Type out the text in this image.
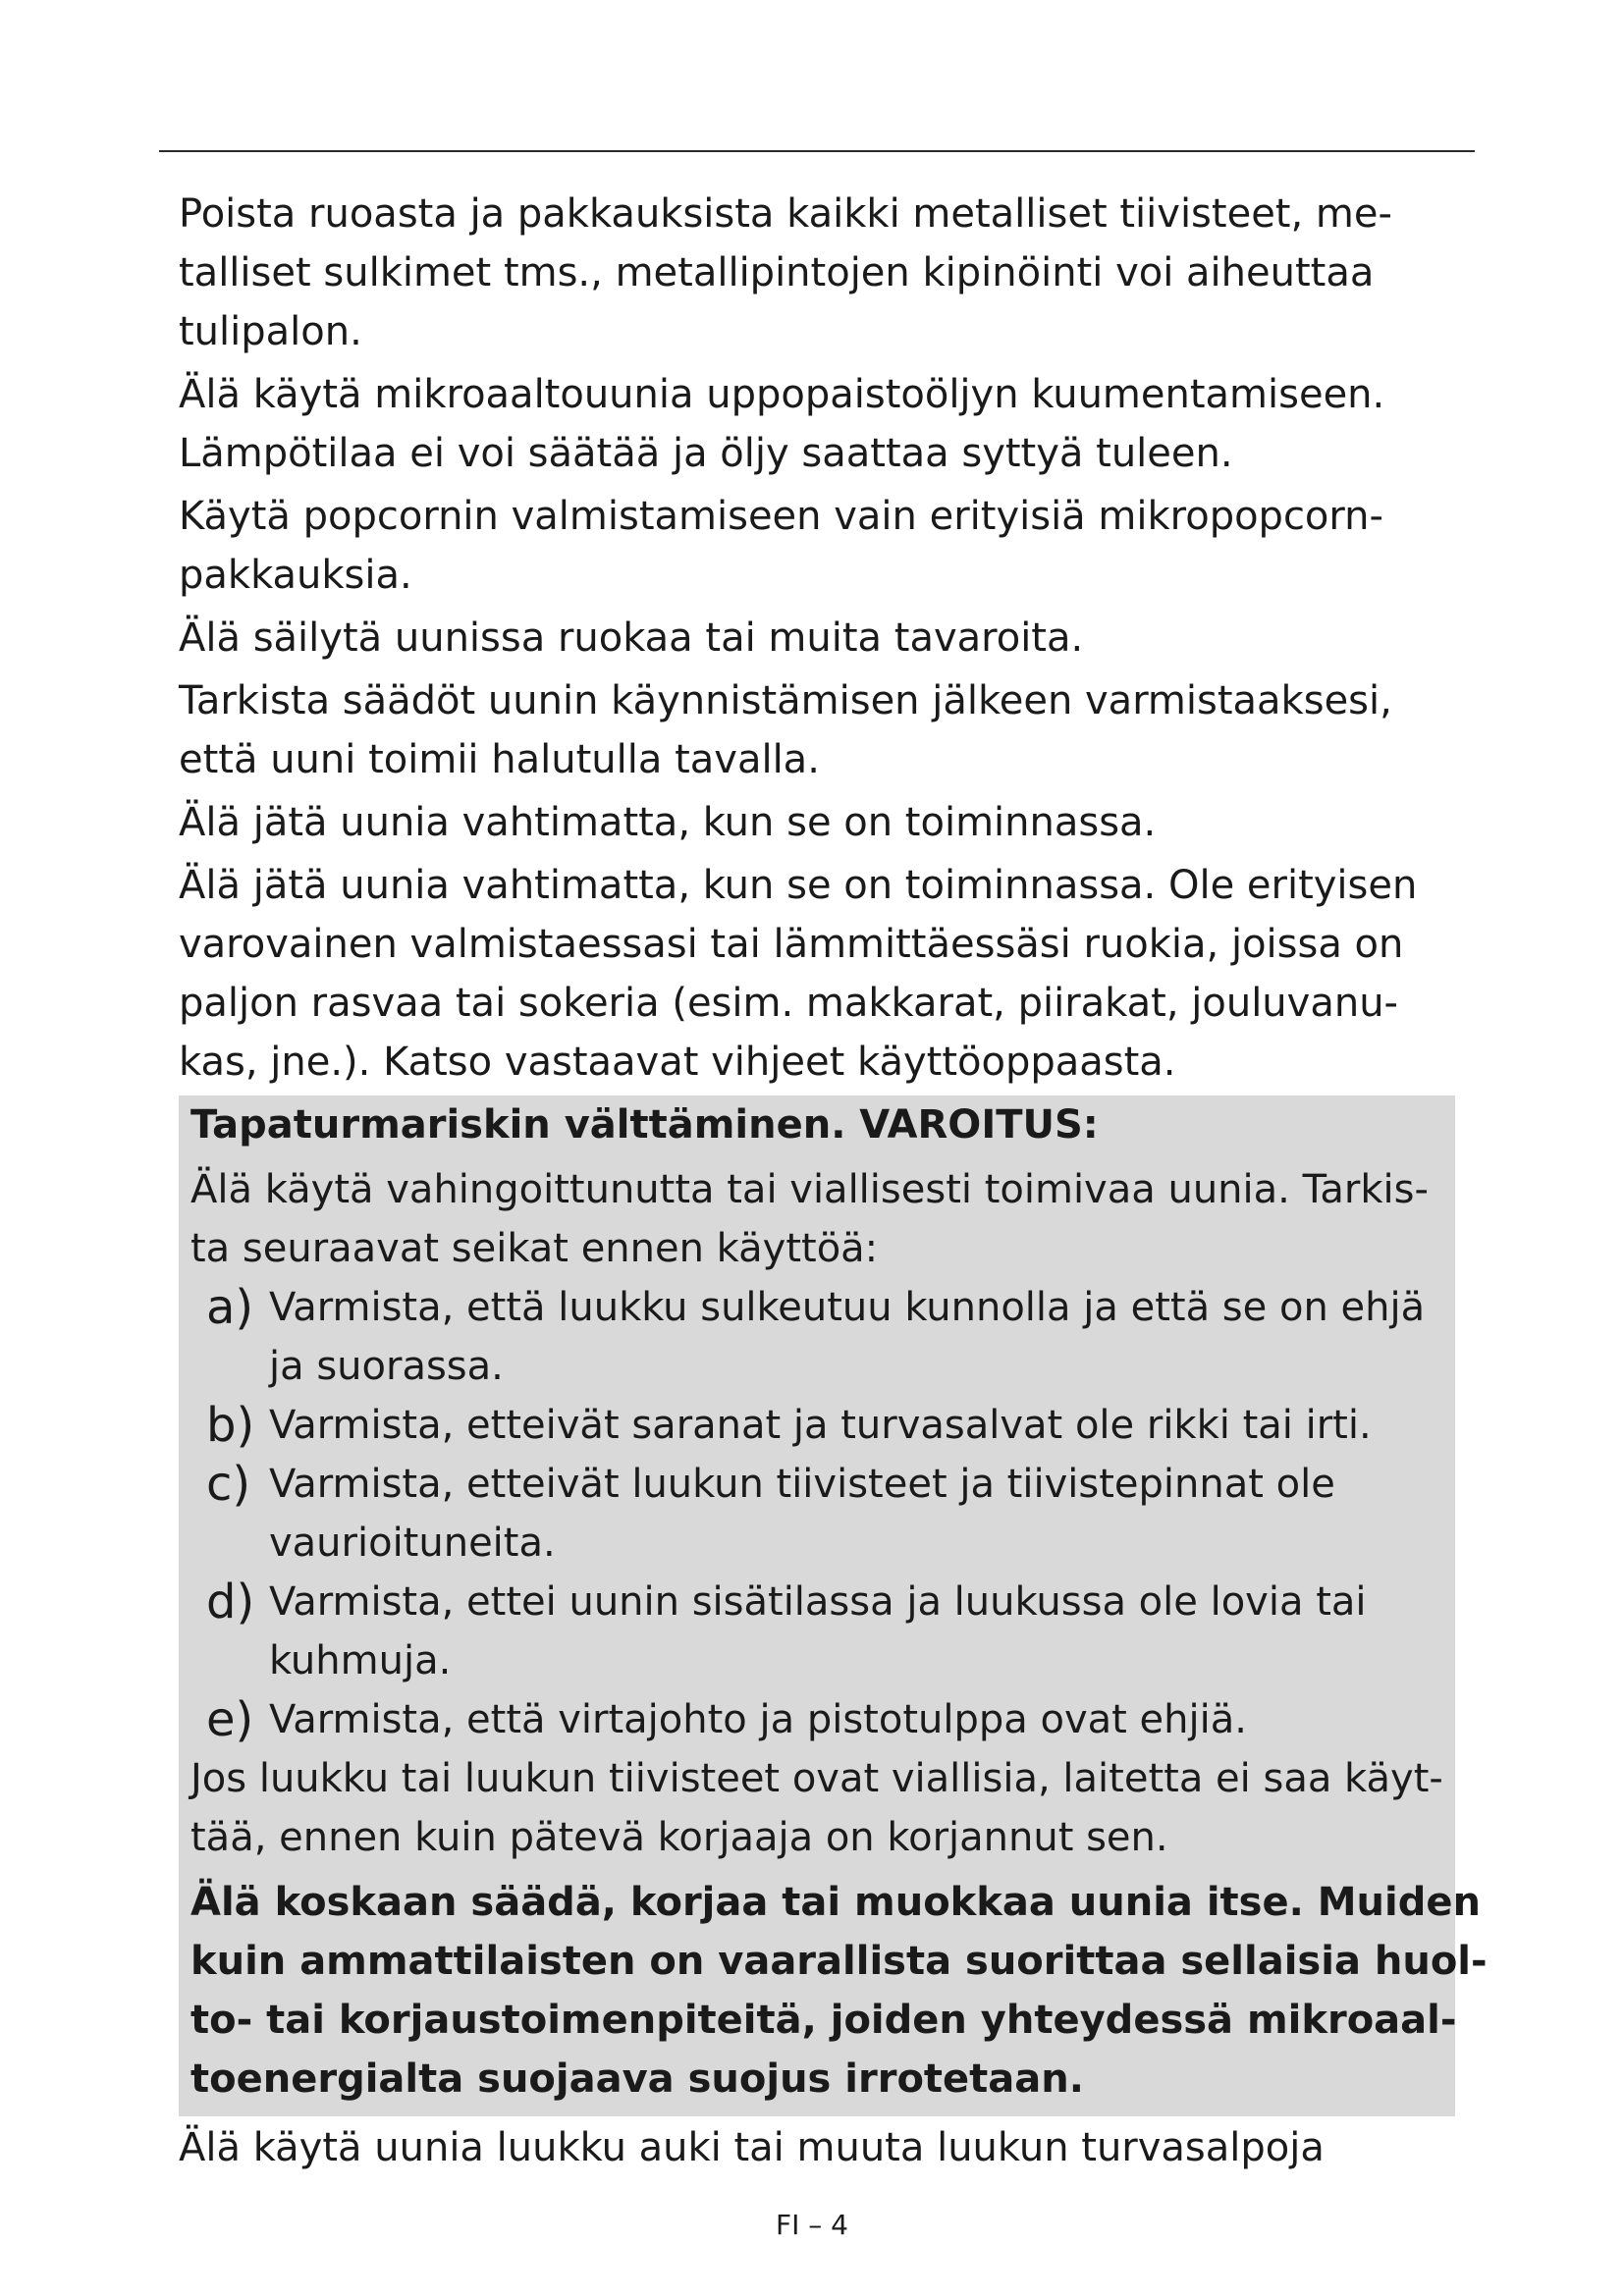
Poista ruoasta ja pakkauksista kaikki metalliset tiivisteet, me-
talliset sulkimet tms., metallipintojen kipinöinti voi aiheuttaa
tulipalon.

Älä käytä mikroaaltouunia uppopaistoöljyn kuumentamiseen.
Lämpötilaa ei voi säätää ja öljy saattaa syttyä tuleen.

Käytä popcornin valmistamiseen vain erityisiä mikropopcorn-
pakkauksia.

Älä säilytä uunissa ruokaa tai muita tavaroita.

Tarkista säädöt uunin käynnistämisen jälkeen varmistaaksesi,
että uuni toimii halutulla tavalla.

Älä jätä uunia vahtimatta, kun se on toiminnassa.

Älä jätä uunia vahtimatta, kun se on toiminnassa. Ole erityisen
varovainen valmistaessasi tai lämmittäessäsi ruokia, joissa on
paljon rasvaa tai sokeria (esim. makkarat, piirakat, jouluvanu-
kas, jne.). Katso vastaavat vihjeet käyttöoppaasta.

Tapaturmariskin välttäminen. VAROITUS:

Älä käytä vahingoittunutta tai viallisesti toimivaa uunia. Tarkis-
ta seuraavat seikat ennen käyttöä:

a) Varmista, että luukku sulkeutuu kunnolla ja että se on ehjä
ja suorassa.
b) Varmista, etteivät saranat ja turvasalvat ole rikki tai irti.
c) Varmista, etteivät luukun tiivisteet ja tiivistepinnat ole
vaurioituneita.
d) Varmista, ettei uunin sisätilassa ja luukussa ole lovia tai
kuhmuja.
e) Varmista, että virtajohto ja pistotulppa ovat ehjiä.

Jos luukku tai luukun tiivisteet ovat viallisia, laitetta ei saa käyt-
tää, ennen kuin pätevä korjaaja on korjannut sen.

Älä koskaan säädä, korjaa tai muokkaa uunia itse. Muiden
kuin ammattilaisten on vaarallista suorittaa sellaisia huol-
to- tai korjaustoimenpiteitä, joiden yhteydessä mikroaal-
toenergialta suojaava suojus irrotetaan.

Älä käytä uunia luukku auki tai muuta luukun turvasalpoja

FI – 4
